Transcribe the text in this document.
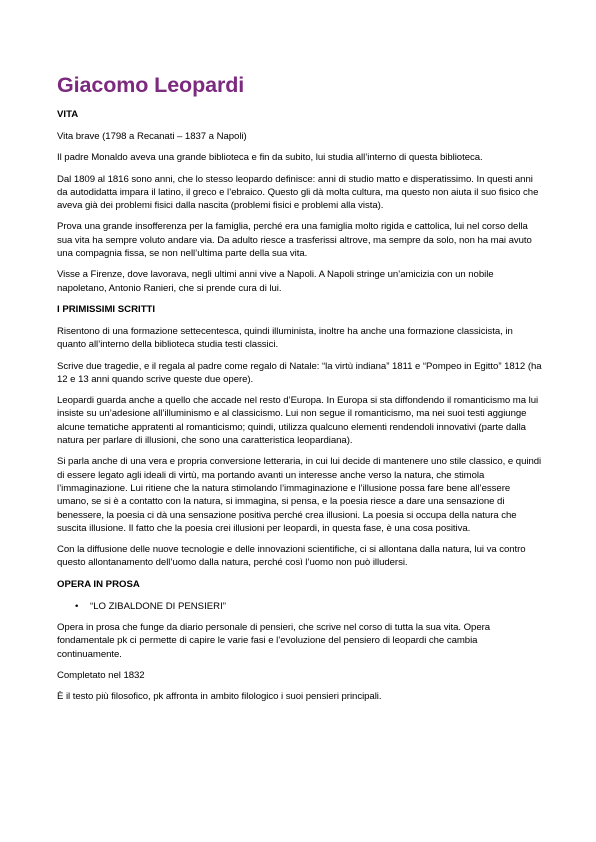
Giacomo Leopardi
VITA

Vita brave (1798 a Recanati – 1837 a Napoli)

Il padre Monaldo aveva una grande biblioteca e fin da subito, lui studia all’interno di questa biblioteca.

Dal 1809 al 1816 sono anni, che lo stesso leopardo definisce: anni di studio matto e disperatissimo. In questi anni da autodidatta impara il latino, il greco e l’ebraico. Questo gli dà molta cultura, ma questo non aiuta il suo fisico che aveva già dei problemi fisici dalla nascita (problemi fisici e problemi alla vista).

Prova una grande insofferenza per la famiglia, perché era una famiglia molto rigida e cattolica, lui nel corso della sua vita ha sempre voluto andare via. Da adulto riesce a trasferissi altrove, ma sempre da solo, non ha mai avuto una compagnia fissa, se non nell’ultima parte della sua vita.

Visse a Firenze, dove lavorava, negli ultimi anni vive a Napoli. A Napoli stringe un’amicizia con un nobile napoletano, Antonio Ranieri, che si prende cura di lui.

I PRIMISSIMI SCRITTI

Risentono di una formazione settecentesca, quindi illuminista, inoltre ha anche una formazione classicista, in quanto all’interno della biblioteca studia testi classici.

Scrive due tragedie, e il regala al padre come regalo di Natale: “la virtù indiana” 1811 e “Pompeo in Egitto” 1812 (ha 12 e 13 anni quando scrive queste due opere).

Leopardi guarda anche a quello che accade nel resto d’Europa. In Europa si sta diffondendo il romanticismo ma lui insiste su un’adesione all’illuminismo e al classicismo. Lui non segue il romanticismo, ma nei suoi testi aggiunge alcune tematiche appratenti al romanticismo; quindi, utilizza qualcuno elementi rendendoli innovativi (parte dalla natura per parlare di illusioni, che sono una caratteristica leopardiana).

Si parla anche di una vera e propria conversione letteraria, in cui lui decide di mantenere uno stile classico, e quindi di essere legato agli ideali di virtù, ma portando avanti un interesse anche verso la natura, che stimola l’immaginazione. Lui ritiene che la natura stimolando l’immaginazione e l’illusione possa fare bene all’essere umano, se si è a contatto con la natura, si immagina, si pensa, e la poesia riesce a dare una sensazione di benessere, la poesia ci dà una sensazione positiva perché crea illusioni. La poesia si occupa della natura che suscita illusione. Il fatto che la poesia crei illusioni per leopardi, in questa fase, è una cosa positiva.

Con la diffusione delle nuove tecnologie e delle innovazioni scientifiche, ci si allontana dalla natura, lui va contro questo allontanamento dell’uomo dalla natura, perché così l’uomo non può illudersi.

OPERA IN PROSA
• “LO ZIBALDONE DI PENSIERI”

Opera in prosa che funge da diario personale di pensieri, che scrive nel corso di tutta la sua vita. Opera fondamentale pk ci permette di capire le varie fasi e l’evoluzione del pensiero di leopardi che cambia continuamente.

Completato nel 1832

È il testo più filosofico, pk affronta in ambito filologico i suoi pensieri principali.
